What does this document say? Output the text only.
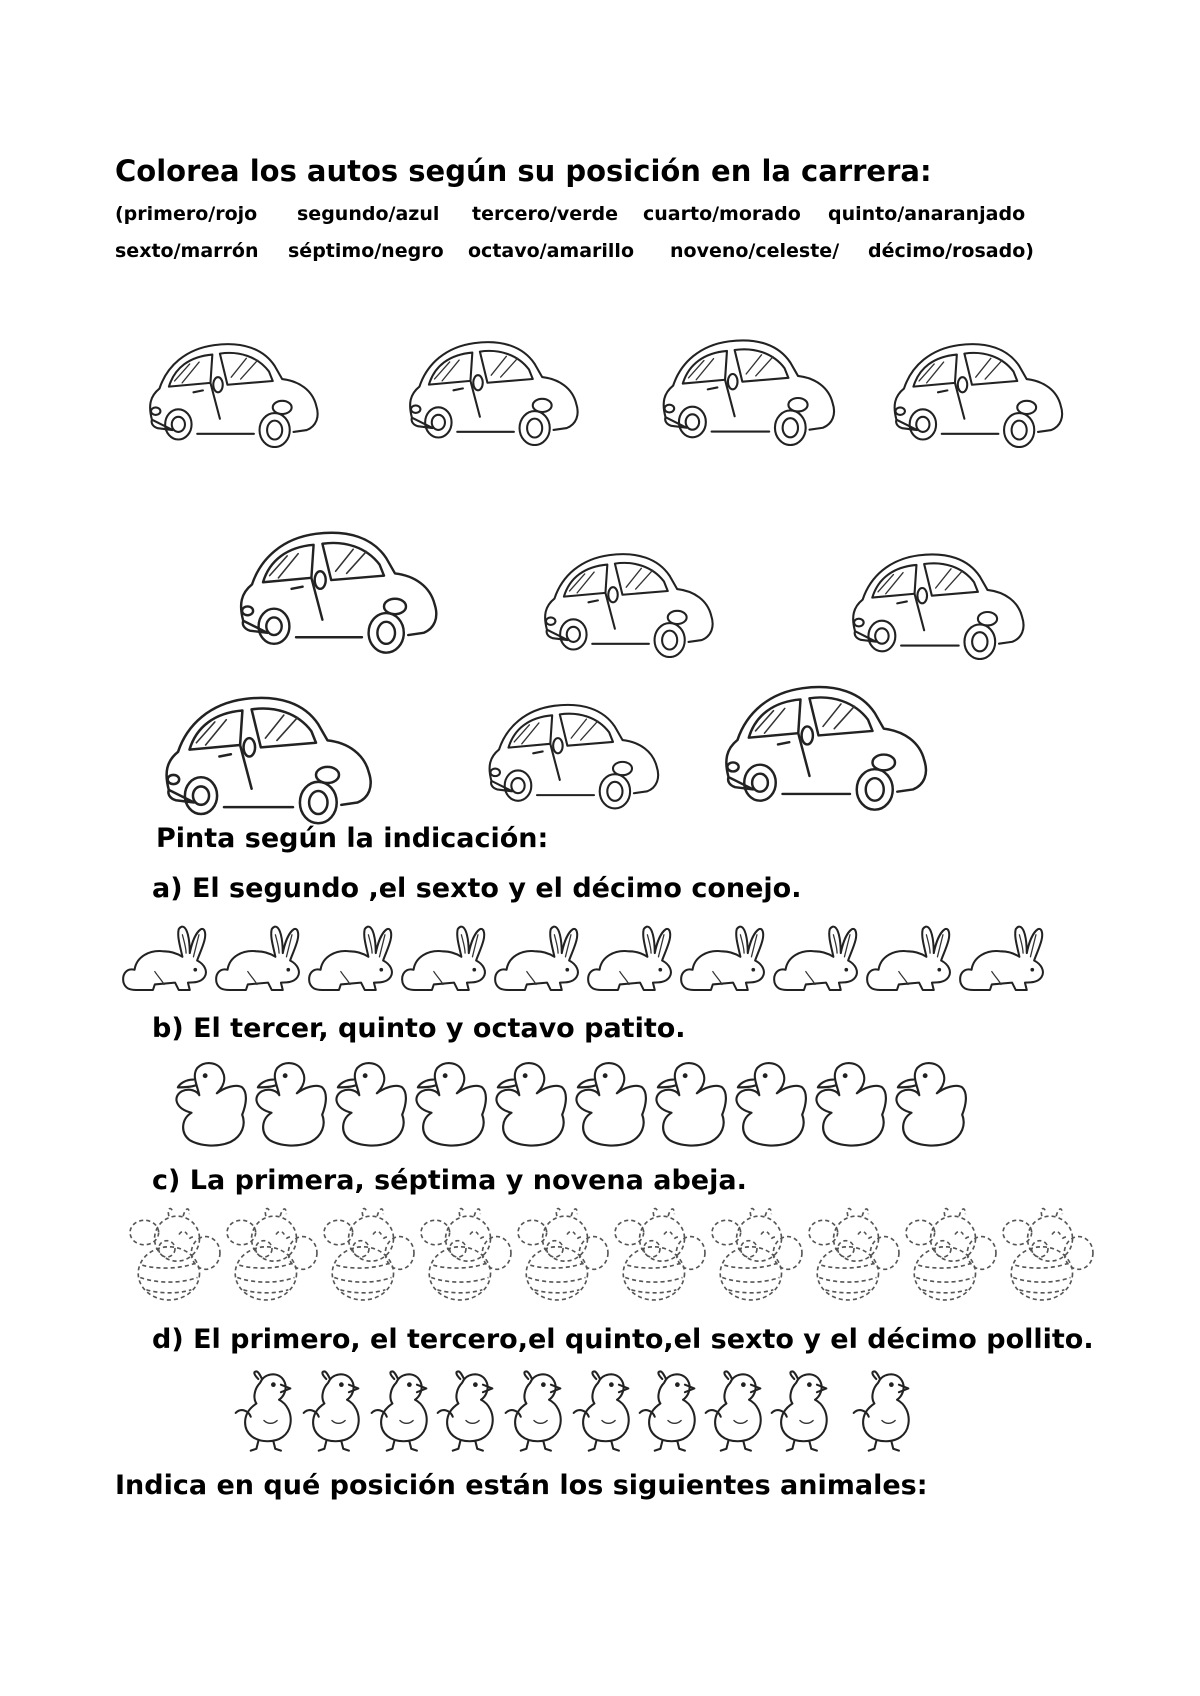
Colorea los autos según su posición en la carrera:
(primero/rojo segundo/azul tercero/verde cuarto/morado quinto/anaranjado
sexto/marrón séptimo/negro octavo/amarillo noveno/celeste/ décimo/rosado)
Pinta según la indicación:
a) El segundo ,el sexto y el décimo conejo.
b) El tercer, quinto y octavo patito.
c) La primera, séptima y novena abeja.
d) El primero, el tercero,el quinto,el sexto y el décimo pollito.
Indica en qué posición están los siguientes animales:
